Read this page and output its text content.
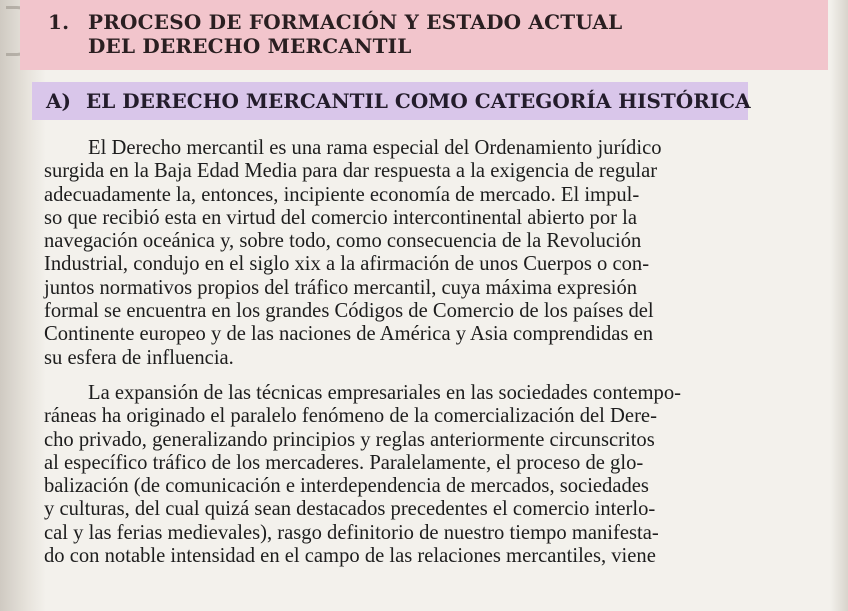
1. PROCESO DE FORMACIÓN Y ESTADO ACTUAL
DEL DERECHO MERCANTIL
A) EL DERECHO MERCANTIL COMO CATEGORÍA HISTÓRICA

El Derecho mercantil es una rama especial del Ordenamiento jurídico
surgida en la Baja Edad Media para dar respuesta a la exigencia de regular
adecuadamente la, entonces, incipiente economía de mercado. El impul-
so que recibió esta en virtud del comercio intercontinental abierto por la
navegación oceánica y, sobre todo, como consecuencia de la Revolución
Industrial, condujo en el siglo xix a la afirmación de unos Cuerpos o con-
juntos normativos propios del tráfico mercantil, cuya máxima expresión
formal se encuentra en los grandes Códigos de Comercio de los países del
Continente europeo y de las naciones de América y Asia comprendidas en
su esfera de influencia.

La expansión de las técnicas empresariales en las sociedades contempo-
ráneas ha originado el paralelo fenómeno de la comercialización del Dere-
cho privado, generalizando principios y reglas anteriormente circunscritos
al específico tráfico de los mercaderes. Paralelamente, el proceso de glo-
balización (de comunicación e interdependencia de mercados, sociedades
y culturas, del cual quizá sean destacados precedentes el comercio interlo-
cal y las ferias medievales), rasgo definitorio de nuestro tiempo manifesta-
do con notable intensidad en el campo de las relaciones mercantiles, viene
